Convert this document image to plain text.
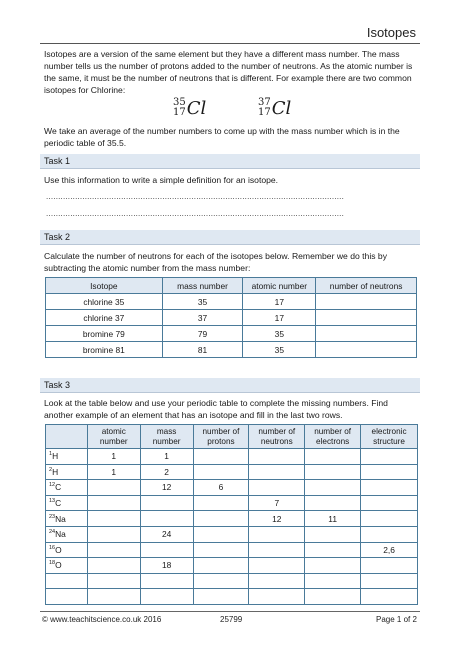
Isotopes

Isotopes are a version of the same element but they have a different mass number. The mass number tells us the number of protons added to the number of neutrons. As the atomic number is the same, it must be the number of neutrons that is different. For example there are two common isotopes for Chlorine:

35
17 Cl	37
17 Cl

We take an average of the number numbers to come up with the mass number which is in the periodic table of 35.5.

Task 1

Use this information to write a simple definition for an isotope.

...........................................................................................................................
...........................................................................................................................
Task 2

Calculate the number of neutrons for each of the isotopes below. Remember we do this by subtracting the atomic number from the mass number:

Isotope	mass number	atomic number	number of neutrons
chlorine 35	35	17	
chlorine 37	37	17	
bromine 79	79	35	
bromine 81	81	35	
Task 3

Look at the table below and use your periodic table to complete the missing numbers. Find another example of an element that has an isotope and fill in the last two rows.

	atomic number	mass number	number of protons	number of neutrons	number of electrons	electronic structure
$^1$H	1	1				
$^2$H	1	2				
$^{12}$C		12	6			
$^{13}$C				7		
$^{23}$Na				12	11	
$^{24}$Na		24				
$^{16}$O						2,6
$^{18}$O		18				

© www.teachitscience.co.uk 2016	25799	Page 1 of 2
